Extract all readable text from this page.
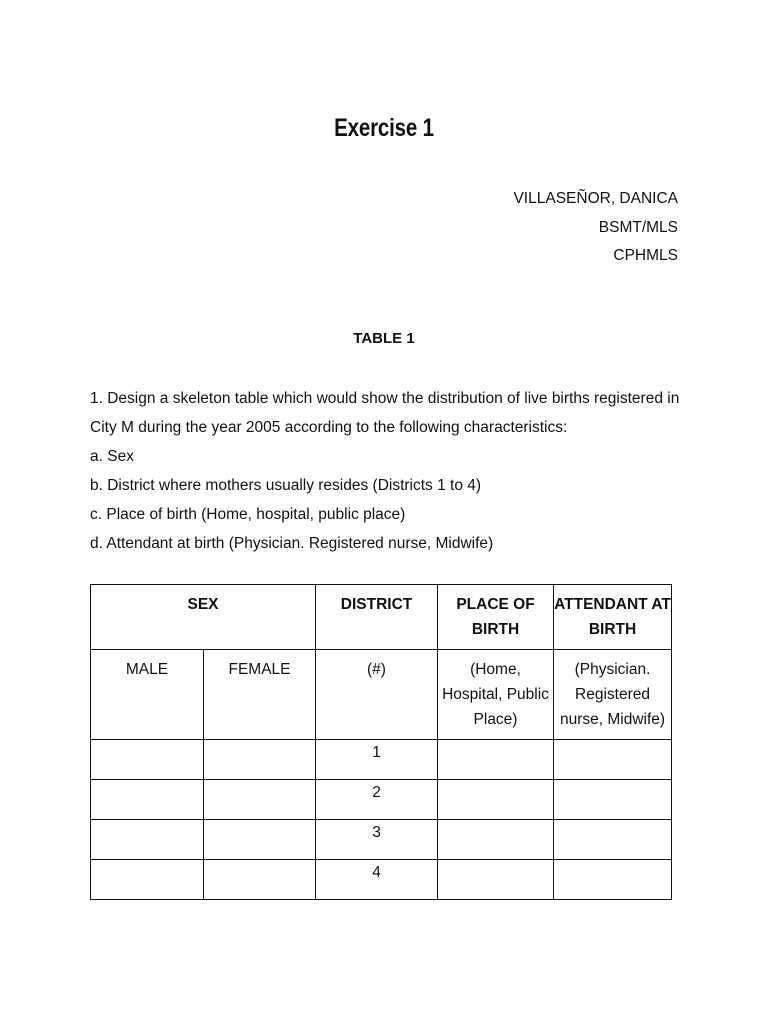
Exercise 1
VILLASEÑOR, DANICA
BSMT/MLS
CPHMLS
TABLE 1

1. Design a skeleton table which would show the distribution of live births registered in City M during the year 2005 according to the following characteristics:

a. Sex

b. District where mothers usually resides (Districts 1 to 4)

c. Place of birth (Home, hospital, public place)

d. Attendant at birth (Physician. Registered nurse, Midwife)

SEX		DISTRICT	PLACE OF BIRTH	ATTENDANT AT BIRTH

MALE	FEMALE	(#)	(Home, Hospital, Public Place)	(Physician. Registered nurse, Midwife)

		1		
		2		
		3		
		4		
